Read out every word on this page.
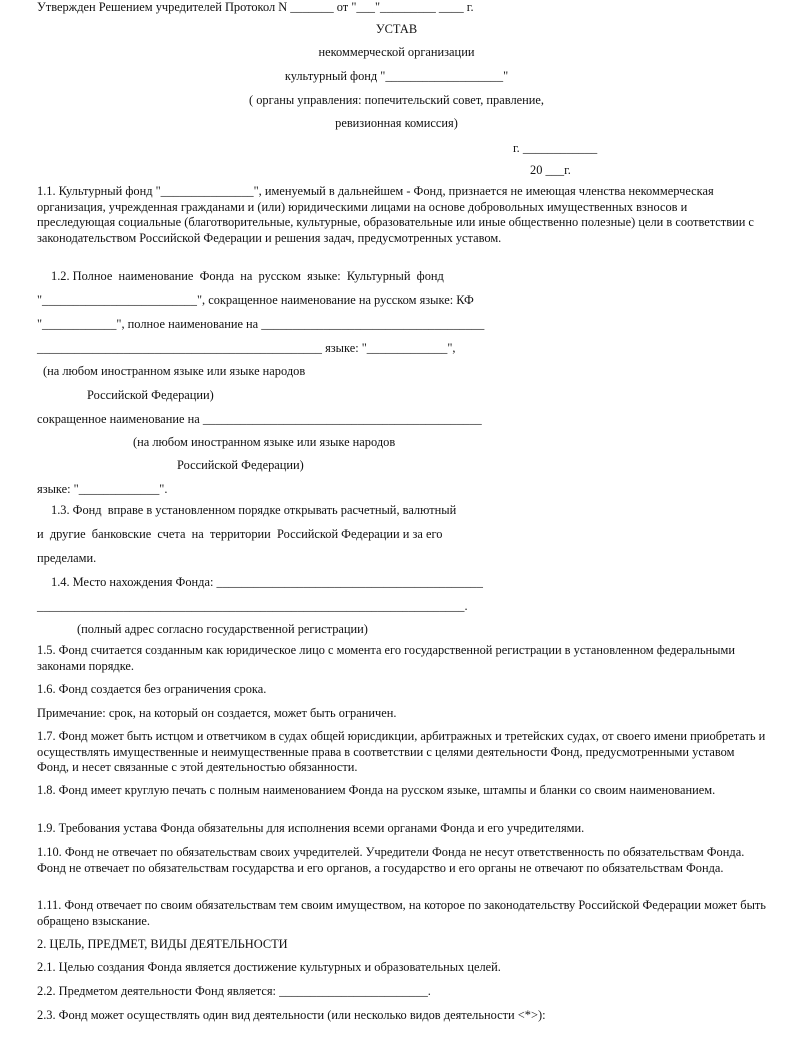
Утвержден Решением учредителей Протокол N _______ от "___"_________ ____ г.
УСТАВ
некоммерческой организации
культурный фонд "___________________"
( органы управления: попечительский совет, правление,
ревизионная комиссия)
г. ____________
20 ___г.
1.1. Культурный фонд "_______________", именуемый в дальнейшем - Фонд, признается не имеющая членства некоммерческая организация, учрежденная гражданами и (или) юридическими лицами на основе добровольных имущественных взносов и преследующая социальные (благотворительные, культурные, образовательные или иные общественно полезные) цели в соответствии с законодательством Российской Федерации и решения задач, предусмотренных уставом.
1.2. Полное  наименование  Фонда  на  русском  языке:  Культурный  фонд
"_________________________", сокращенное наименование на русском языке: КФ
"____________", полное наименование на ____________________________________
______________________________________________ языке: "_____________",
(на любом иностранном языке или языке народов
Российской Федерации)
сокращенное наименование на _____________________________________________
(на любом иностранном языке или языке народов
Российской Федерации)
языке: "_____________".
1.3. Фонд  вправе в установленном порядке открывать расчетный, валютный
и  другие  банковские  счета  на  территории  Российской Федерации и за его
пределами.
1.4. Место нахождения Фонда: ___________________________________________
_____________________________________________________________________.
(полный адрес согласно государственной регистрации)
1.5. Фонд считается созданным как юридическое лицо с момента его государственной регистрации в установленном федеральными законами порядке.
1.6. Фонд создается без ограничения срока.
Примечание: срок, на который он создается, может быть ограничен.
1.7. Фонд может быть истцом и ответчиком в судах общей юрисдикции, арбитражных и третейских судах, от своего имени приобретать и осуществлять имущественные и неимущественные права в соответствии с целями деятельности Фонд, предусмотренными уставом Фонд, и несет связанные с этой деятельностью обязанности.
1.8. Фонд имеет круглую печать с полным наименованием Фонда на русском языке, штампы и бланки со своим наименованием.
1.9. Требования устава Фонда обязательны для исполнения всеми органами Фонда и его учредителями.
1.10. Фонд не отвечает по обязательствам своих учредителей. Учредители Фонда не несут ответственность по обязательствам Фонда. Фонд не отвечает по обязательствам государства и его органов, а государство и его органы не отвечают по обязательствам Фонда.
1.11. Фонд отвечает по своим обязательствам тем своим имуществом, на которое по законодательству Российской Федерации может быть обращено взыскание.
2. ЦЕЛЬ, ПРЕДМЕТ, ВИДЫ ДЕЯТЕЛЬНОСТИ
2.1. Целью создания Фонда является достижение культурных и образовательных целей.
2.2. Предметом деятельности Фонд является: ________________________.
2.3. Фонд может осуществлять один вид деятельности (или несколько видов деятельности <*>):
